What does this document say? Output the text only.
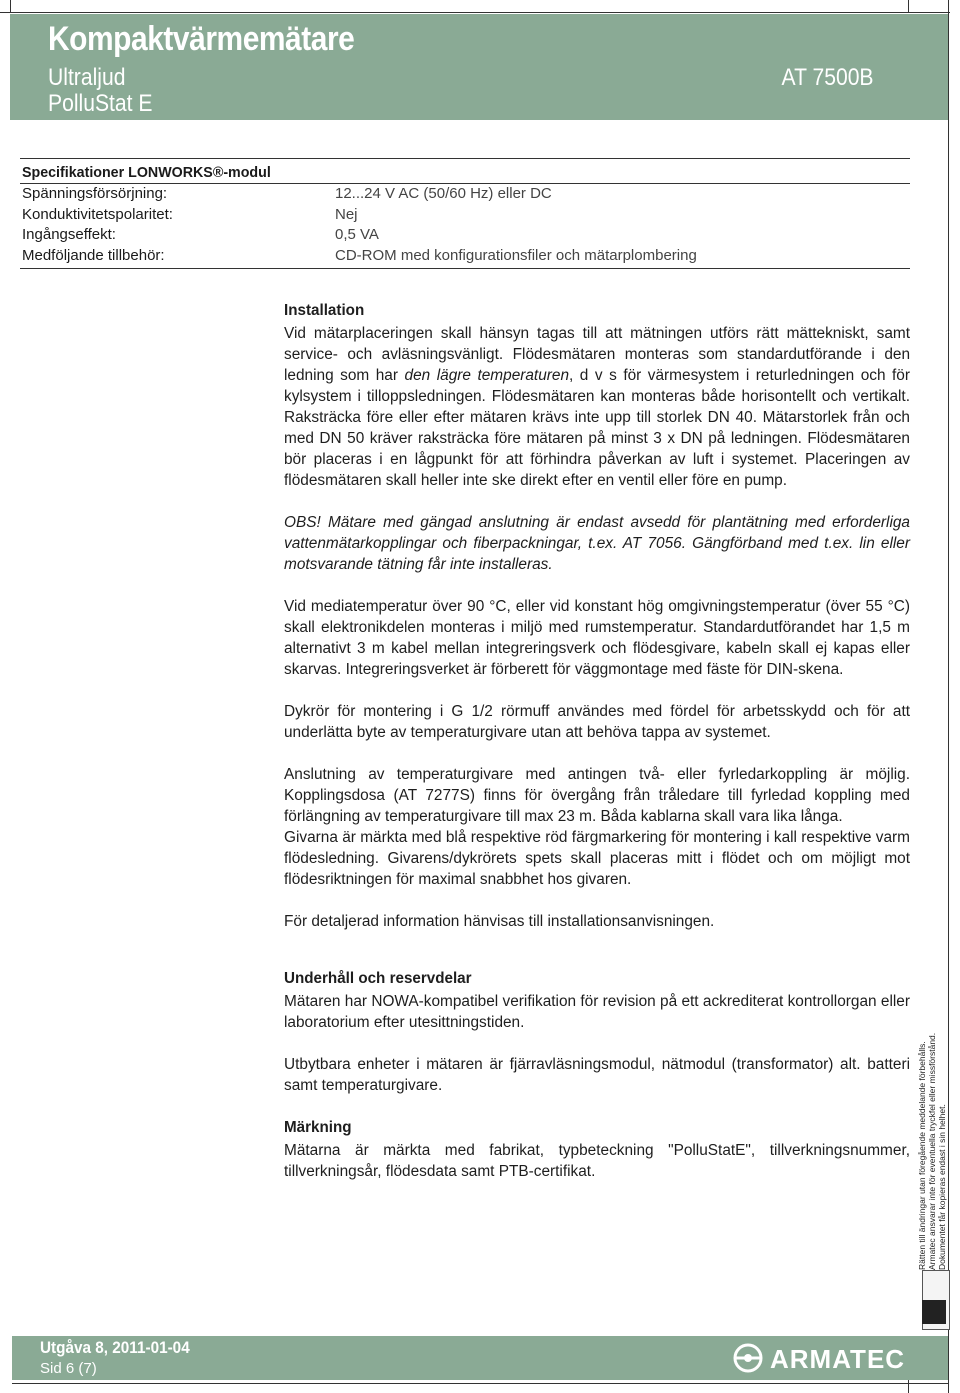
Kompaktvärmemätare
Ultraljud
PolluStat E
AT 7500B
Specifikationer LONWORKS®-modul
Spänningsförsörjning:	12...24 V AC (50/60 Hz) eller DC
Konduktivitetspolaritet:	Nej
Ingångseffekt:	0,5 VA
Medföljande tillbehör:	CD-ROM med konfigurationsfiler och mätarplombering
Installation

Vid mätarplaceringen skall hänsyn tagas till att mätningen utförs rätt mättekniskt, samt service- och avläsningsvänligt. Flödesmätaren monteras som standardutförande i den ledning som har den lägre temperaturen, d v s för värmesystem i returledningen och för kylsystem i tilloppsledningen. Flödesmätaren kan monteras både horisontellt och vertikalt. Raksträcka före eller efter mätaren krävs inte upp till storlek DN 40. Mätarstorlek från och med DN 50 kräver raksträcka före mätaren på minst 3 x DN på ledningen. Flödesmätaren bör placeras i en lågpunkt för att förhindra påverkan av luft i systemet. Placeringen av flödesmätaren skall heller inte ske direkt efter en ventil eller före en pump.

OBS! Mätare med gängad anslutning är endast avsedd för plantätning med erforderliga vattenmätarkopplingar och fiberpackningar, t.ex. AT 7056. Gängförband med t.ex. lin eller motsvarande tätning får inte installeras.

Vid mediatemperatur över 90 °C, eller vid konstant hög omgivningstemperatur (över 55 °C) skall elektronikdelen monteras i miljö med rumstemperatur. Standardutförandet har 1,5 m alternativt 3 m kabel mellan integreringsverk och flödesgivare, kabeln skall ej kapas eller skarvas. Integreringsverket är förberett för väggmontage med fäste för DIN-skena.

Dykrör för montering i G 1/2 rörmuff användes med fördel för arbetsskydd och för att underlätta byte av temperaturgivare utan att behöva tappa av systemet.

Anslutning av temperaturgivare med antingen två- eller fyrledarkoppling är möjlig. Kopplingsdosa (AT 7277S) finns för övergång från tråledare till fyrledad koppling med förlängning av temperaturgivare till max 23 m. Båda kablarna skall vara lika långa.

Givarna är märkta med blå respektive röd färgmarkering för montering i kall respektive varm flödesledning. Givarens/dykrörets spets skall placeras mitt i flödet och om möjligt mot flödesriktningen för maximal snabbhet hos givaren.

För detaljerad information hänvisas till installationsanvisningen.

Underhåll och reservdelar

Mätaren har NOWA-kompatibel verifikation för revision på ett ackrediterat kontrollorgan eller laboratorium efter utesittningstiden.

Utbytbara enheter i mätaren är fjärravläsningsmodul, nätmodul (transformator) alt. batteri samt temperaturgivare.

Märkning

Mätarna är märkta med fabrikat, typbeteckning "PolluStatE", tillverkningsnummer, tillverkningsår, flödesdata samt PTB-certifikat.	Rätten till ändringar utan föregående meddelande förbehålls. Armatec ansvarar inte för eventuella tryckfel eller missförstånd. Dokumentet får kopieras endast i sin helhet.
Utgåva 8, 2011-01-04
Sid 6 (7)	ARMATEC
